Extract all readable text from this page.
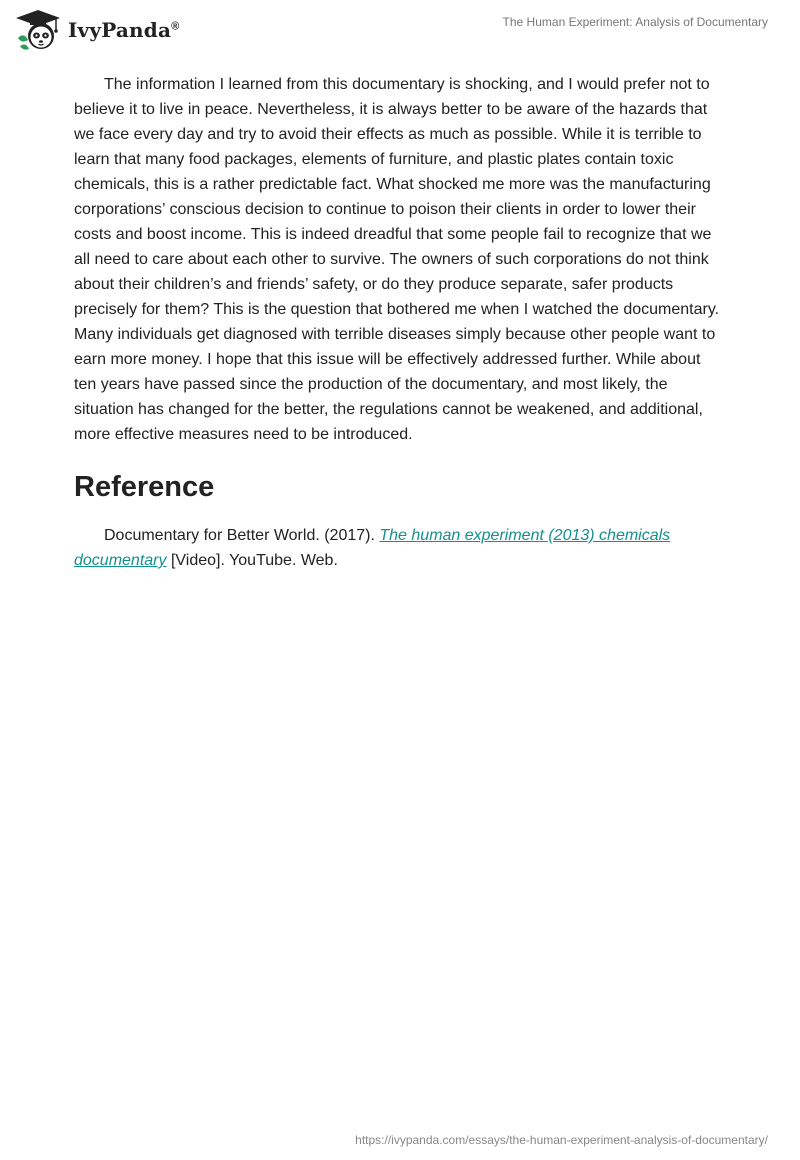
IvyPanda®	The Human Experiment: Analysis of Documentary

The information I learned from this documentary is shocking, and I would prefer not to believe it to live in peace. Nevertheless, it is always better to be aware of the hazards that we face every day and try to avoid their effects as much as possible. While it is terrible to learn that many food packages, elements of furniture, and plastic plates contain toxic chemicals, this is a rather predictable fact. What shocked me more was the manufacturing corporations’ conscious decision to continue to poison their clients in order to lower their costs and boost income. This is indeed dreadful that some people fail to recognize that we all need to care about each other to survive. The owners of such corporations do not think about their children’s and friends’ safety, or do they produce separate, safer products precisely for them? This is the question that bothered me when I watched the documentary. Many individuals get diagnosed with terrible diseases simply because other people want to earn more money. I hope that this issue will be effectively addressed further. While about ten years have passed since the production of the documentary, and most likely, the situation has changed for the better, the regulations cannot be weakened, and additional, more effective measures need to be introduced.

Reference

Documentary for Better World. (2017). The human experiment (2013) chemicals documentary [Video]. YouTube. Web.

https://ivypanda.com/essays/the-human-experiment-analysis-of-documentary/
